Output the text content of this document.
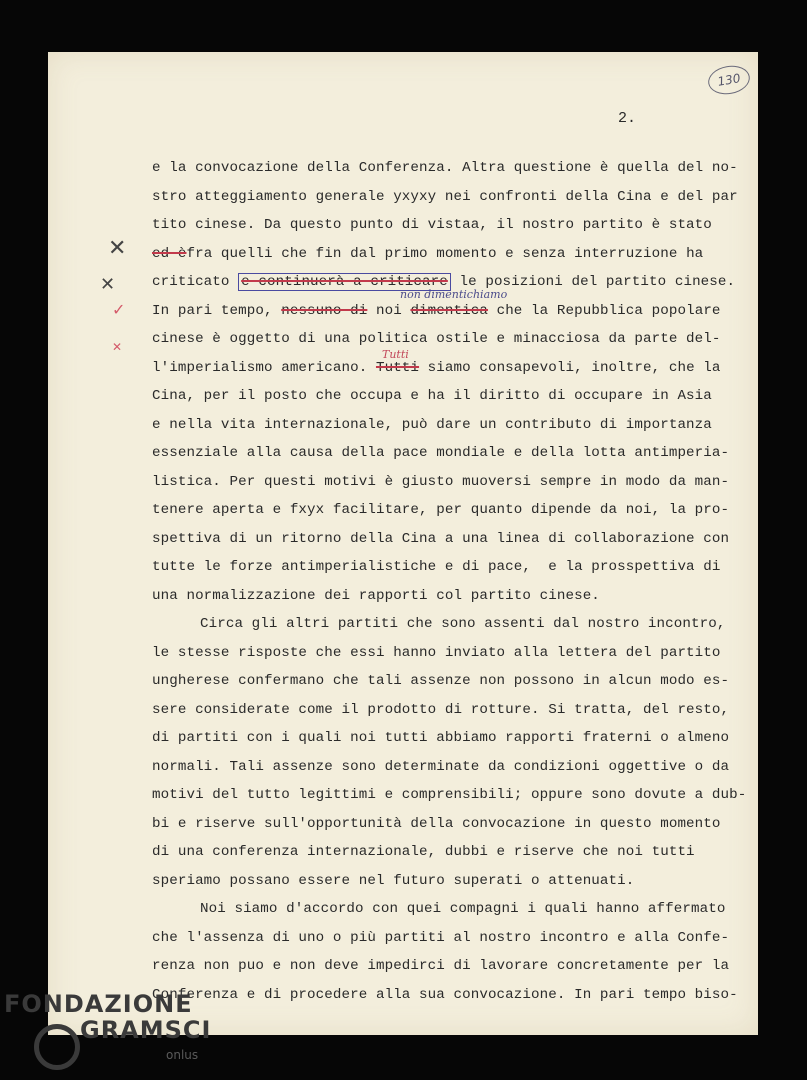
130
2.
non dimentichiamo
Tutti
✕
✕
✓
✕
e la convocazione della Conferenza. Altra questione è quella del no-
stro atteggiamento generale yxyxy nei confronti della Cina e del par
tito cinese. Da questo punto di vistaa, il nostro partito è stato
ed èfra quelli che fin dal primo momento e senza interruzione ha
criticato e continuerà a criticare le posizioni del partito cinese.
In pari tempo, nessuno di noi dimentica che la Repubblica popolare
cinese è oggetto di una politica ostile e minacciosa da parte del-
l'imperialismo americano. Tutti siamo consapevoli, inoltre, che la
Cina, per il posto che occupa e ha il diritto di occupare in Asia
e nella vita internazionale, può dare un contributo di importanza
essenziale alla causa della pace mondiale e della lotta antimperia-
listica. Per questi motivi è giusto muoversi sempre in modo da man-
tenere aperta e fxyx facilitare, per quanto dipende da noi, la pro-
spettiva di un ritorno della Cina a una linea di collaborazione con
tutte le forze antimperialistiche e di pace,  e la prosspettiva di
una normalizzazione dei rapporti col partito cinese.
Circa gli altri partiti che sono assenti dal nostro incontro,
le stesse risposte che essi hanno inviato alla lettera del partito
ungherese confermano che tali assenze non possono in alcun modo es-
sere considerate come il prodotto di rotture. Si tratta, del resto,
di partiti con i quali noi tutti abbiamo rapporti fraterni o almeno
normali. Tali assenze sono determinate da condizioni oggettive o da
motivi del tutto legittimi e comprensibili; oppure sono dovute a dub-
bi e riserve sull'opportunità della convocazione in questo momento
di una conferenza internazionale, dubbi e riserve che noi tutti
speriamo possano essere nel futuro superati o attenuati.
Noi siamo d'accordo con quei compagni i quali hanno affermato
che l'assenza di uno o più partiti al nostro incontro e alla Confe-
renza non puo e non deve impedirci di lavorare concretamente per la
Conferenza e di procedere alla sua convocazione. In pari tempo biso-
FONDAZIONE
GRAMSCI
onlus
